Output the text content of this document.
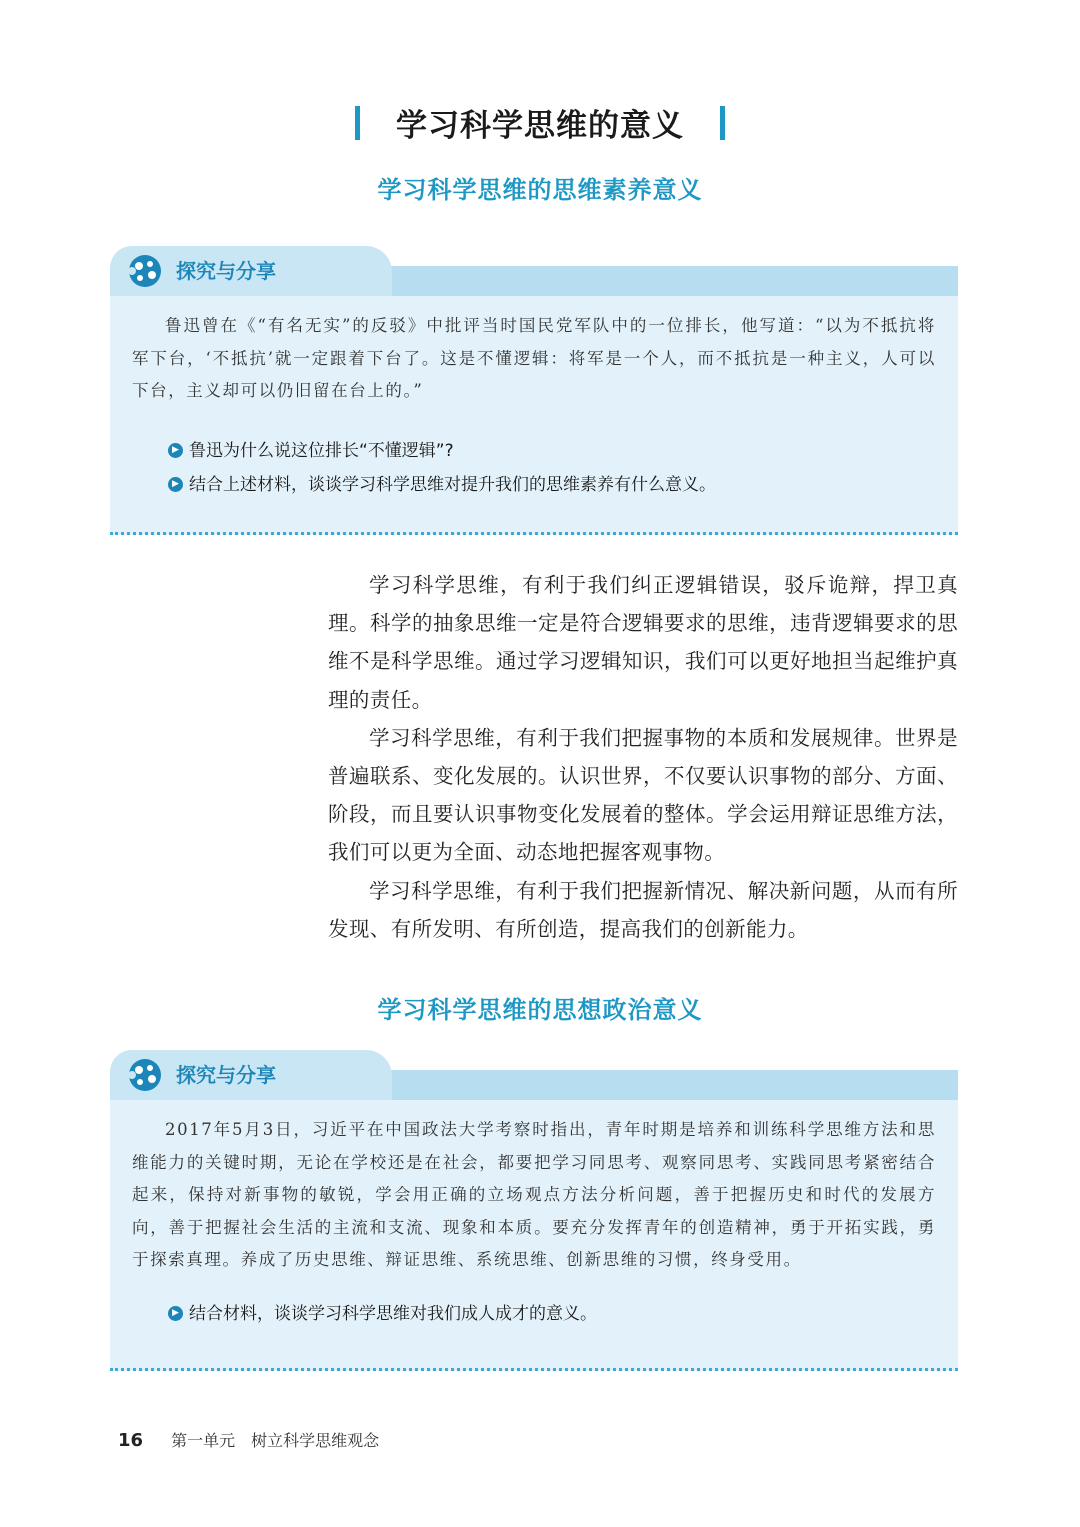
学习科学思维的意义
学习科学思维的思维素养意义
探究与分享

鲁迅曾在《“有名无实”的反驳》中批评当时国民党军队中的一位排长，他写道：“以为不抵抗将军下台，‘不抵抗’就一定跟着下台了。这是不懂逻辑：将军是一个人，而不抵抗是一种主义，人可以下台，主义却可以仍旧留在台上的。”

▶ 鲁迅为什么说这位排长“不懂逻辑”?
▶ 结合上述材料，谈谈学习科学思维对提升我们的思维素养有什么意义。

学习科学思维，有利于我们纠正逻辑错误，驳斥诡辩，捍卫真理。科学的抽象思维一定是符合逻辑要求的思维，违背逻辑要求的思维不是科学思维。通过学习逻辑知识，我们可以更好地担当起维护真理的责任。

学习科学思维，有利于我们把握事物的本质和发展规律。世界是普遍联系、变化发展的。认识世界，不仅要认识事物的部分、方面、阶段，而且要认识事物变化发展着的整体。学会运用辩证思维方法，我们可以更为全面、动态地把握客观事物。

学习科学思维，有利于我们把握新情况、解决新问题，从而有所发现、有所发明、有所创造，提高我们的创新能力。

学习科学思维的思想政治意义
探究与分享

2017年5月3日，习近平在中国政法大学考察时指出，青年时期是培养和训练科学思维方法和思维能力的关键时期，无论在学校还是在社会，都要把学习同思考、观察同思考、实践同思考紧密结合起来，保持对新事物的敏锐，学会用正确的立场观点方法分析问题，善于把握历史和时代的发展方向，善于把握社会生活的主流和支流、现象和本质。要充分发挥青年的创造精神，勇于开拓实践，勇于探索真理。养成了历史思维、辩证思维、系统思维、创新思维的习惯，终身受用。

▶ 结合材料，谈谈学习科学思维对我们成人成才的意义。
16 第一单元 树立科学思维观念
